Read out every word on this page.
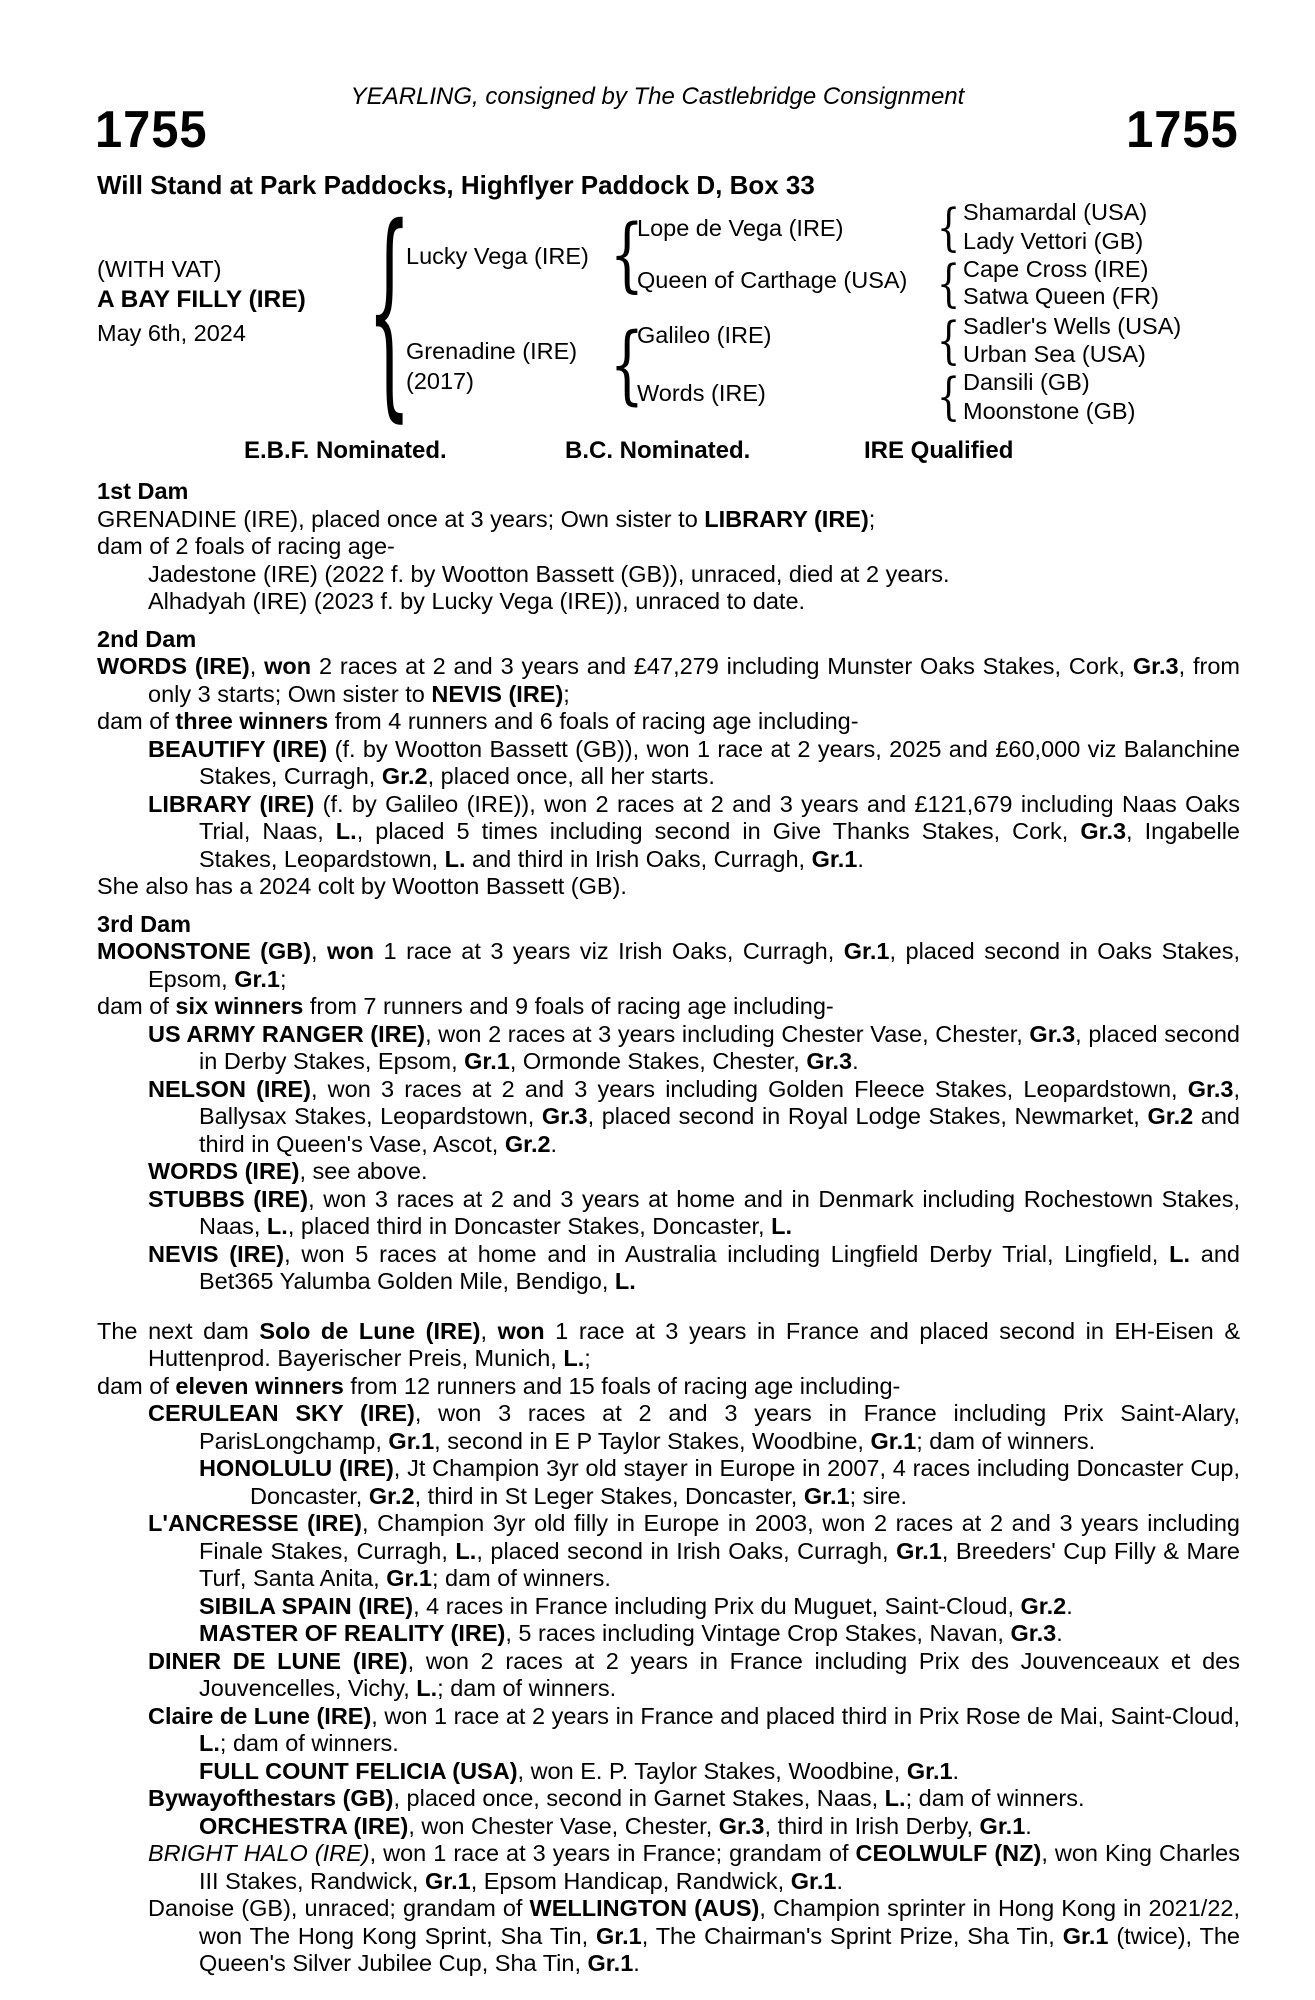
YEARLING, consigned by The Castlebridge Consignment
1755	1755
Will Stand at Park Paddocks, Highflyer Paddock D, Box 33
(WITH VAT)
A BAY FILLY (IRE)
May 6th, 2024 {	{
{
{
{
{
{
Lucky Vega (IRE)
Grenadine (IRE)
(2017)
Lope de Vega (IRE)
Queen of Carthage (USA)
Galileo (IRE)
Words (IRE)
Shamardal (USA)
Lady Vettori (GB)
Cape Cross (IRE)
Satwa Queen (FR)
Sadler's Wells (USA)
Urban Sea (USA)
Dansili (GB)
Moonstone (GB)
E.B.F. Nominated.	B.C. Nominated.	IRE Qualified
1st Dam
GRENADINE (IRE), placed once at 3 years; Own sister to LIBRARY (IRE);
dam of 2 foals of racing age-
Jadestone (IRE) (2022 f. by Wootton Bassett (GB)), unraced, died at 2 years.
Alhadyah (IRE) (2023 f. by Lucky Vega (IRE)), unraced to date.
2nd Dam
WORDS (IRE), won 2 races at 2 and 3 years and £47,279 including Munster Oaks Stakes, Cork, Gr.3, from only 3 starts; Own sister to NEVIS (IRE);
dam of three winners from 4 runners and 6 foals of racing age including-
BEAUTIFY (IRE) (f. by Wootton Bassett (GB)), won 1 race at 2 years, 2025 and £60,000 viz Balanchine Stakes, Curragh, Gr.2, placed once, all her starts.
LIBRARY (IRE) (f. by Galileo (IRE)), won 2 races at 2 and 3 years and £121,679 including Naas Oaks Trial, Naas, L., placed 5 times including second in Give Thanks Stakes, Cork, Gr.3, Ingabelle Stakes, Leopardstown, L. and third in Irish Oaks, Curragh, Gr.1.
She also has a 2024 colt by Wootton Bassett (GB).
3rd Dam
MOONSTONE (GB), won 1 race at 3 years viz Irish Oaks, Curragh, Gr.1, placed second in Oaks Stakes, Epsom, Gr.1;
dam of six winners from 7 runners and 9 foals of racing age including-
US ARMY RANGER (IRE), won 2 races at 3 years including Chester Vase, Chester, Gr.3, placed second in Derby Stakes, Epsom, Gr.1, Ormonde Stakes, Chester, Gr.3.
NELSON (IRE), won 3 races at 2 and 3 years including Golden Fleece Stakes, Leopardstown, Gr.3, Ballysax Stakes, Leopardstown, Gr.3, placed second in Royal Lodge Stakes, Newmarket, Gr.2 and third in Queen's Vase, Ascot, Gr.2.
WORDS (IRE), see above.
STUBBS (IRE), won 3 races at 2 and 3 years at home and in Denmark including Rochestown Stakes, Naas, L., placed third in Doncaster Stakes, Doncaster, L.
NEVIS (IRE), won 5 races at home and in Australia including Lingfield Derby Trial, Lingfield, L. and Bet365 Yalumba Golden Mile, Bendigo, L.
The next dam Solo de Lune (IRE), won 1 race at 3 years in France and placed second in EH-Eisen & Huttenprod. Bayerischer Preis, Munich, L.;
dam of eleven winners from 12 runners and 15 foals of racing age including-
CERULEAN SKY (IRE), won 3 races at 2 and 3 years in France including Prix Saint-Alary, ParisLongchamp, Gr.1, second in E P Taylor Stakes, Woodbine, Gr.1; dam of winners.
HONOLULU (IRE), Jt Champion 3yr old stayer in Europe in 2007, 4 races including Doncaster Cup, Doncaster, Gr.2, third in St Leger Stakes, Doncaster, Gr.1; sire.
L'ANCRESSE (IRE), Champion 3yr old filly in Europe in 2003, won 2 races at 2 and 3 years including Finale Stakes, Curragh, L., placed second in Irish Oaks, Curragh, Gr.1, Breeders' Cup Filly & Mare Turf, Santa Anita, Gr.1; dam of winners.
SIBILA SPAIN (IRE), 4 races in France including Prix du Muguet, Saint-Cloud, Gr.2.
MASTER OF REALITY (IRE), 5 races including Vintage Crop Stakes, Navan, Gr.3.
DINER DE LUNE (IRE), won 2 races at 2 years in France including Prix des Jouvenceaux et des Jouvencelles, Vichy, L.; dam of winners.
Claire de Lune (IRE), won 1 race at 2 years in France and placed third in Prix Rose de Mai, Saint-Cloud, L.; dam of winners.
FULL COUNT FELICIA (USA), won E. P. Taylor Stakes, Woodbine, Gr.1.
Bywayofthestars (GB), placed once, second in Garnet Stakes, Naas, L.; dam of winners.
ORCHESTRA (IRE), won Chester Vase, Chester, Gr.3, third in Irish Derby, Gr.1.
BRIGHT HALO (IRE), won 1 race at 3 years in France; grandam of CEOLWULF (NZ), won King Charles III Stakes, Randwick, Gr.1, Epsom Handicap, Randwick, Gr.1.
Danoise (GB), unraced; grandam of WELLINGTON (AUS), Champion sprinter in Hong Kong in 2021/22, won The Hong Kong Sprint, Sha Tin, Gr.1, The Chairman's Sprint Prize, Sha Tin, Gr.1 (twice), The Queen's Silver Jubilee Cup, Sha Tin, Gr.1.
